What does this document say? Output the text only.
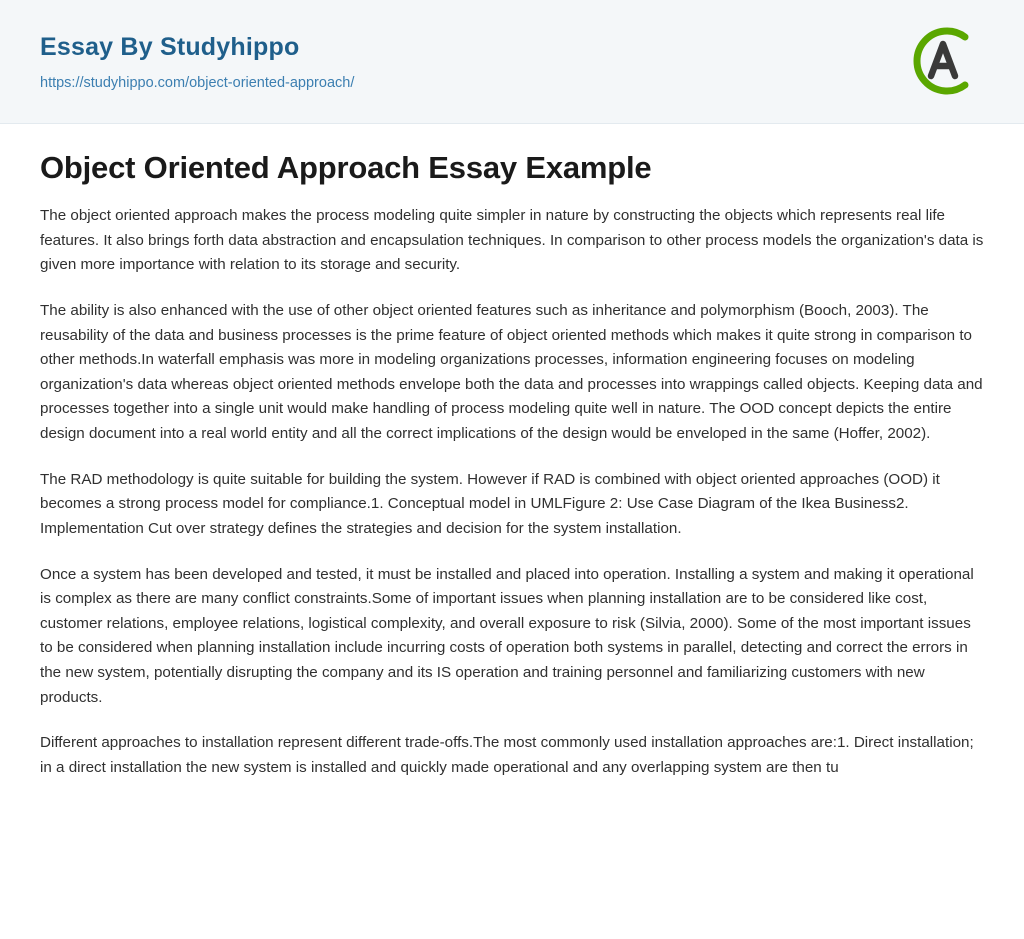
Essay By Studyhippo
https://studyhippo.com/object-oriented-approach/
Object Oriented Approach Essay Example

The object oriented approach makes the process modeling quite simpler in nature by constructing the objects which represents real life features. It also brings forth data abstraction and encapsulation techniques. In comparison to other process models the organization's data is given more importance with relation to its storage and security.

The ability is also enhanced with the use of other object oriented features such as inheritance and polymorphism (Booch, 2003). The reusability of the data and business processes is the prime feature of object oriented methods which makes it quite strong in comparison to other methods.In waterfall emphasis was more in modeling organizations processes, information engineering focuses on modeling organization's data whereas object oriented methods envelope both the data and processes into wrappings called objects. Keeping data and processes together into a single unit would make handling of process modeling quite well in nature. The OOD concept depicts the entire design document into a real world entity and all the correct implications of the design would be enveloped in the same (Hoffer, 2002).

The RAD methodology is quite suitable for building the system. However if RAD is combined with object oriented approaches (OOD) it becomes a strong process model for compliance.1. Conceptual model in UMLFigure 2: Use Case Diagram of the Ikea Business2. Implementation Cut over strategy defines the strategies and decision for the system installation.

Once a system has been developed and tested, it must be installed and placed into operation. Installing a system and making it operational is complex as there are many conflict constraints.Some of important issues when planning installation are to be considered like cost, customer relations, employee relations, logistical complexity, and overall exposure to risk (Silvia, 2000). Some of the most important issues to be considered when planning installation include incurring costs of operation both systems in parallel, detecting and correct the errors in the new system, potentially disrupting the company and its IS operation and training personnel and familiarizing customers with new products.

Different approaches to installation represent different trade-offs.The most commonly used installation approaches are:1. Direct installation; in a direct installation the new system is installed and quickly made operational and any overlapping system are then tu
